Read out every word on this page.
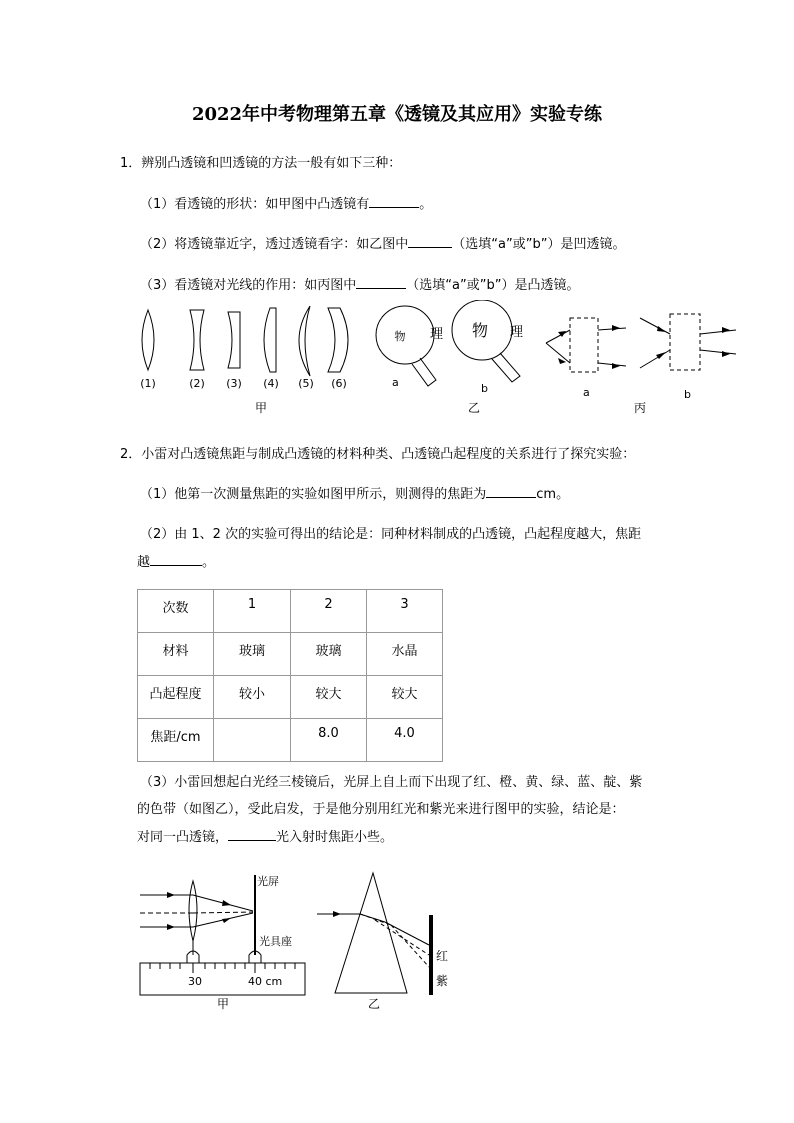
2022年中考物理第五章《透镜及其应用》实验专练
1．辨别凸透镜和凹透镜的方法一般有如下三种：
（1）看透镜的形状：如甲图中凸透镜有	。
（2）将透镜靠近字，透过透镜看字：如乙图中	（选填“a”或”b”）是凹透镜。
（3）看透镜对光线的作用：如丙图中	（选填“a”或”b”）是凸透镜。
(1)	(2) (3) (4) (5) (6)
物 理 物 理
a	b	a	b
甲	乙	丙
2．小雷对凸透镜焦距与制成凸透镜的材料种类、凸透镜凸起程度的关系进行了探究实验：
（1）他第一次测量焦距的实验如图甲所示，则测得的焦距为	cm。
（2）由 1、2 次的实验可得出的结论是：同种材料制成的凸透镜，凸起程度越大，焦距
越	。
次数	1	2	3
材料	玻璃	玻璃	水晶
凸起程度	较小	较大	较大
焦距/cm		8.0	4.0
（3）小雷回想起白光经三棱镜后，光屏上自上而下出现了红、橙、黄、绿、蓝、靛、紫
的色带（如图乙），受此启发，于是他分别用红光和紫光来进行图甲的实验，结论是：
对同一凸透镜，	光入射时焦距小些。
光屏
光具座
30	40 cm
甲
红
紫
乙
